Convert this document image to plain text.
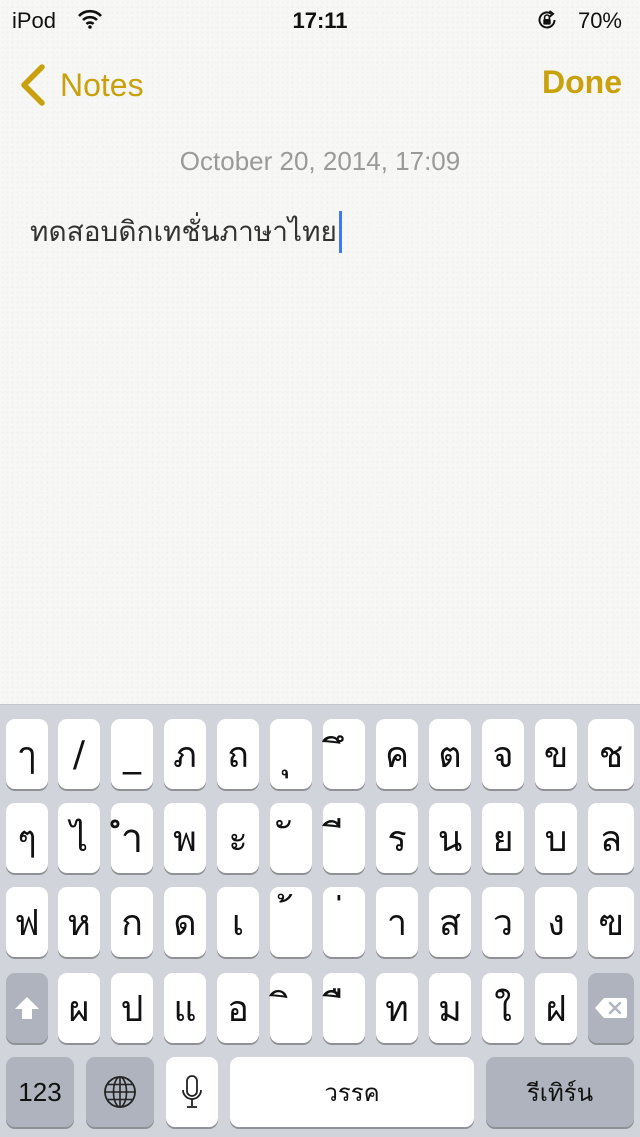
iPod	17:11	70%
Notes	Done
October 20, 2014, 17:09
ทดสอบดิกเทชั่นภาษาไทย
ๅ	/	_ ภ ถ	ค ต จ ข ช
ๆ ไ ำ พ ะ	ร น ย บ ล
ฟ ห ก ด เ	า ส ว ง ฃ
ผ ป แ อ	ท ม ใ ฝ
123	วรรค	รีเทิร์น
